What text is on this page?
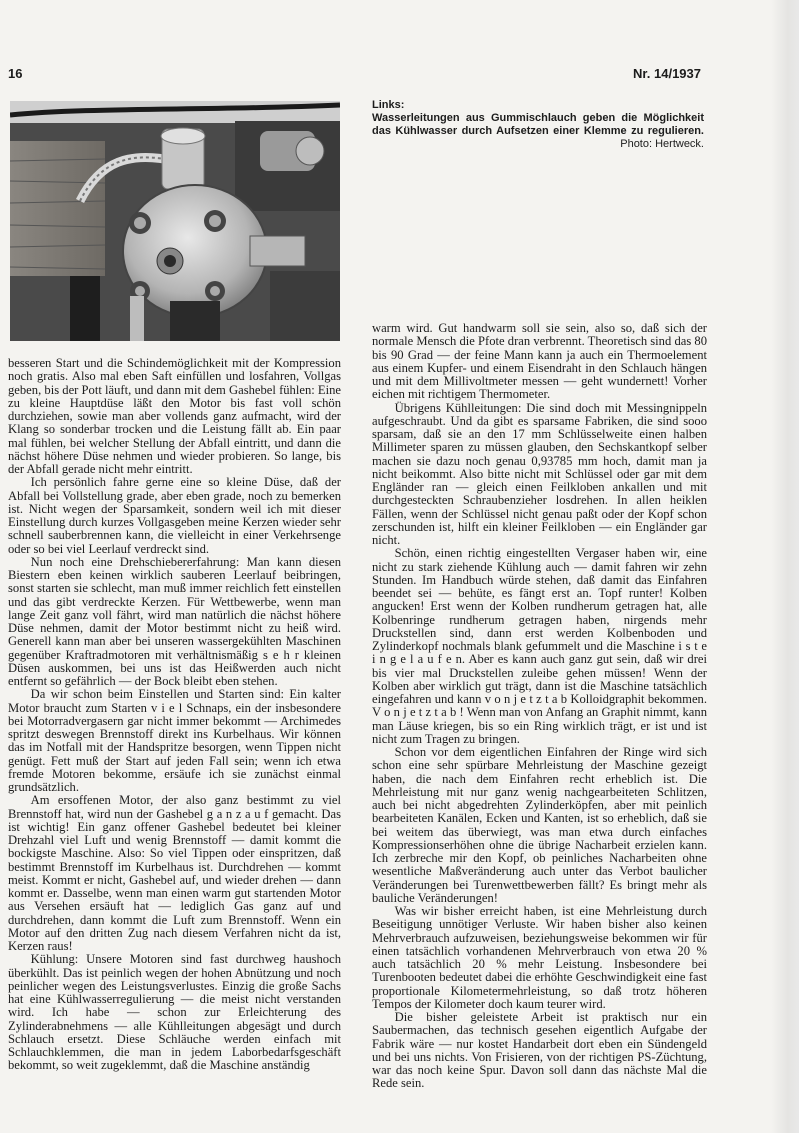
16	Nr. 14/1937
Links:
Wasserleitungen aus Gummischlauch geben die Möglichkeit das Kühlwasser durch Aufsetzen einer Klemme zu regulieren.
Photo: Hertweck.

besseren Start und die Schindemöglichkeit mit der Kompression noch gratis. Also mal eben Saft einfüllen und losfahren, Vollgas geben, bis der Pott läuft, und dann mit dem Gashebel fühlen: Eine zu kleine Hauptdüse läßt den Motor bis fast voll schön durchziehen, sowie man aber vollends ganz aufmacht, wird der Klang so sonderbar trocken und die Leistung fällt ab. Ein paar mal fühlen, bei welcher Stellung der Abfall eintritt, und dann die nächst höhere Düse nehmen und wieder probieren. So lange, bis der Abfall gerade nicht mehr eintritt.

Ich persönlich fahre gerne eine so kleine Düse, daß der Abfall bei Vollstellung grade, aber eben grade, noch zu bemerken ist. Nicht wegen der Sparsamkeit, sondern weil ich mit dieser Einstellung durch kurzes Vollgasgeben meine Kerzen wieder sehr schnell sauberbrennen kann, die vielleicht in einer Verkehrsenge oder so bei viel Leerlauf verdreckt sind.

Nun noch eine Drehschiebererfahrung: Man kann diesen Biestern eben keinen wirklich sauberen Leerlauf beibringen, sonst starten sie schlecht, man muß immer reichlich fett einstellen und das gibt verdreckte Kerzen. Für Wettbewerbe, wenn man lange Zeit ganz voll fährt, wird man natürlich die nächst höhere Düse nehmen, damit der Motor bestimmt nicht zu heiß wird. Generell kann man aber bei unseren wassergekühlten Maschinen gegenüber Kraftradmotoren mit verhältnismäßig s e h r kleinen Düsen auskommen, bei uns ist das Heißwerden auch nicht entfernt so gefährlich — der Bock bleibt eben stehen.

Da wir schon beim Einstellen und Starten sind: Ein kalter Motor braucht zum Starten v i e l Schnaps, ein der insbesondere bei Motorradvergasern gar nicht immer bekommt — Archimedes spritzt deswegen Brennstoff direkt ins Kurbelhaus. Wir können das im Notfall mit der Handspritze besorgen, wenn Tippen nicht genügt. Fett muß der Start auf jeden Fall sein; wenn ich etwa fremde Motoren bekomme, ersäufe ich sie zunächst einmal grundsätzlich.

Am ersoffenen Motor, der also ganz bestimmt zu viel Brennstoff hat, wird nun der Gashebel g a n z a u f gemacht. Das ist wichtig! Ein ganz offener Gashebel bedeutet bei kleiner Drehzahl viel Luft und wenig Brennstoff — damit kommt die bockigste Maschine. Also: So viel Tippen oder einspritzen, daß bestimmt Brennstoff im Kurbelhaus ist. Durchdrehen — kommt meist. Kommt er nicht, Gashebel auf, und wieder drehen — dann kommt er. Dasselbe, wenn man einen warm gut startenden Motor aus Versehen ersäuft hat — lediglich Gas ganz auf und durchdrehen, dann kommt die Luft zum Brennstoff. Wenn ein Motor auf den dritten Zug nach diesem Verfahren nicht da ist, Kerzen raus!

Kühlung: Unsere Motoren sind fast durchweg haushoch überkühlt. Das ist peinlich wegen der hohen Abnützung und noch peinlicher wegen des Leistungsverlustes. Einzig die große Sachs hat eine Kühlwasserregulierung — die meist nicht verstanden wird. Ich habe — schon zur Erleichterung des Zylinderabnehmens — alle Kühlleitungen abgesägt und durch Schlauch ersetzt. Diese Schläuche werden einfach mit Schlauchklemmen, die man in jedem Laborbedarfsgeschäft bekommt, so weit zugeklemmt, daß die Maschine anständig

warm wird. Gut handwarm soll sie sein, also so, daß sich der normale Mensch die Pfote dran verbrennt. Theoretisch sind das 80 bis 90 Grad — der feine Mann kann ja auch ein Thermoelement aus einem Kupfer- und einem Eisendraht in den Schlauch hängen und mit dem Millivoltmeter messen — geht wundernett! Vorher eichen mit richtigem Thermometer.

Übrigens Kühlleitungen: Die sind doch mit Messingnippeln aufgeschraubt. Und da gibt es sparsame Fabriken, die sind sooo sparsam, daß sie an den 17 mm Schlüsselweite einen halben Millimeter sparen zu müssen glauben, den Sechskantkopf selber machen sie dazu noch genau 0,93785 mm hoch, damit man ja nicht beikommt. Also bitte nicht mit Schlüssel oder gar mit dem Engländer ran — gleich einen Feilkloben ankallen und mit durchgesteckten Schraubenzieher losdrehen. In allen heiklen Fällen, wenn der Schlüssel nicht genau paßt oder der Kopf schon zerschunden ist, hilft ein kleiner Feilkloben — ein Engländer gar nicht.

Schön, einen richtig eingestellten Vergaser haben wir, eine nicht zu stark ziehende Kühlung auch — damit fahren wir zehn Stunden. Im Handbuch würde stehen, daß damit das Einfahren beendet sei — behüte, es fängt erst an. Topf runter! Kolben angucken! Erst wenn der Kolben rundherum getragen hat, alle Kolbenringe rundherum getragen haben, nirgends mehr Druckstellen sind, dann erst werden Kolbenboden und Zylinderkopf nochmals blank gefummelt und die Maschine i s t e i n g e l a u f e n. Aber es kann auch ganz gut sein, daß wir drei bis vier mal Druckstellen zuleibe gehen müssen! Wenn der Kolben aber wirklich gut trägt, dann ist die Maschine tatsächlich eingefahren und kann v o n j e t z t a b Kolloidgraphit bekommen. V o n j e t z t a b ! Wenn man von Anfang an Graphit nimmt, kann man Läuse kriegen, bis so ein Ring wirklich trägt, er ist und ist nicht zum Tragen zu bringen.

Schon vor dem eigentlichen Einfahren der Ringe wird sich schon eine sehr spürbare Mehrleistung der Maschine gezeigt haben, die nach dem Einfahren recht erheblich ist. Die Mehrleistung mit nur ganz wenig nachgearbeiteten Schlitzen, auch bei nicht abgedrehten Zylinderköpfen, aber mit peinlich bearbeiteten Kanälen, Ecken und Kanten, ist so erheblich, daß sie bei weitem das überwiegt, was man etwa durch einfaches Kompressionserhöhen ohne die übrige Nacharbeit erzielen kann. Ich zerbreche mir den Kopf, ob peinliches Nacharbeiten ohne wesentliche Maßveränderung auch unter das Verbot baulicher Veränderungen bei Turenwettbewerben fällt? Es bringt mehr als bauliche Veränderungen!

Was wir bisher erreicht haben, ist eine Mehrleistung durch Beseitigung unnötiger Verluste. Wir haben bisher also keinen Mehrverbrauch aufzuweisen, beziehungsweise bekommen wir für einen tatsächlich vorhandenen Mehrverbrauch von etwa 20 % auch tatsächlich 20 % mehr Leistung. Insbesondere bei Turenbooten bedeutet dabei die erhöhte Geschwindigkeit eine fast proportionale Kilometermehrleistung, so daß trotz höheren Tempos der Kilometer doch kaum teurer wird.

Die bisher geleistete Arbeit ist praktisch nur ein Saubermachen, das technisch gesehen eigentlich Aufgabe der Fabrik wäre — nur kostet Handarbeit dort eben ein Sündengeld und bei uns nichts. Von Frisieren, von der richtigen PS-Züchtung, war das noch keine Spur. Davon soll dann das nächste Mal die Rede sein.
